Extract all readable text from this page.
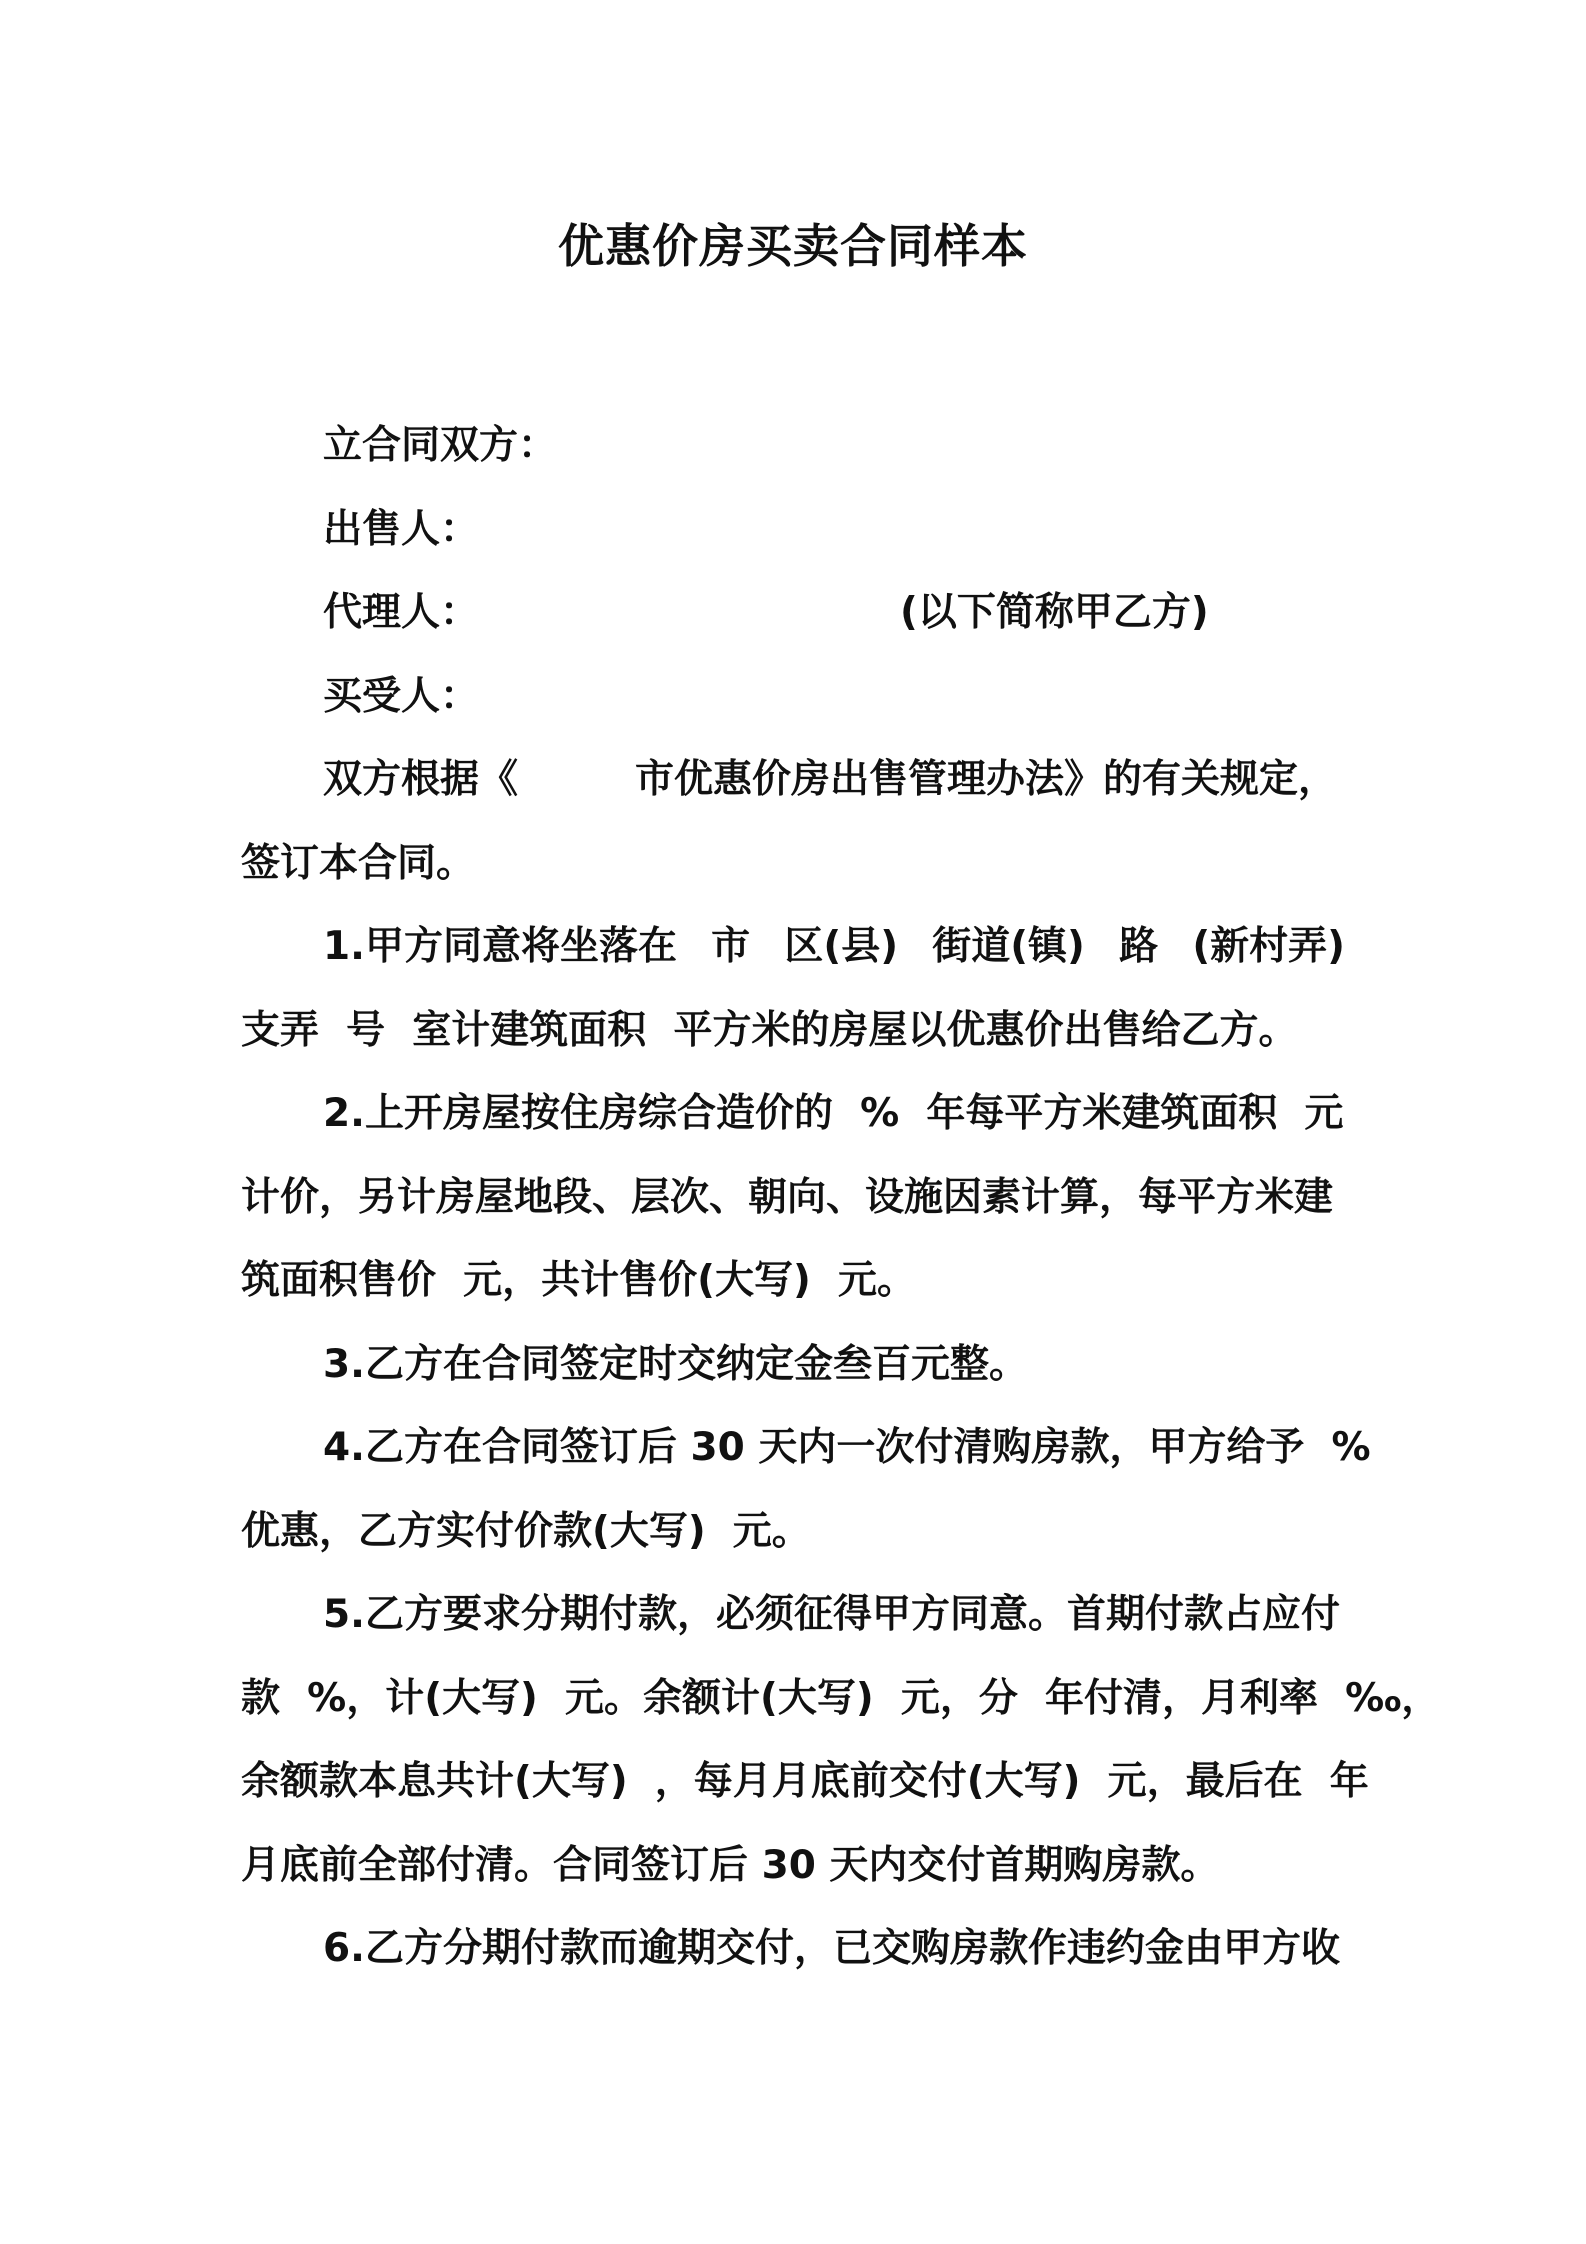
优惠价房买卖合同样本
立合同双方：
出售人：

代理人：

	(以下简称甲乙方)

买受人：
双方根据《　　　市优惠价房出售管理办法》的有关规定，
签订本合同。
1.甲方同意将坐落在 市 区(县) 街道(镇) 路 (新村弄)
支弄  号  室计建筑面积  平方米的房屋以优惠价出售给乙方。
2.上开房屋按住房综合造价的  %  年每平方米建筑面积  元
计价，另计房屋地段、层次、朝向、设施因素计算，每平方米建
筑面积售价  元，共计售价(大写)  元。
3.乙方在合同签定时交纳定金叁百元整。
4.乙方在合同签订后 30 天内一次付清购房款，甲方给予  %
优惠，乙方实付价款(大写)  元。
5.乙方要求分期付款，必须征得甲方同意。首期付款占应付
款  %，计(大写)  元。余额计(大写)  元，分  年付清，月利率  ‰，
余额款本息共计(大写)  ，每月月底前交付(大写)  元，最后在  年
月底前全部付清。合同签订后 30 天内交付首期购房款。
6.乙方分期付款而逾期交付，已交购房款作违约金由甲方收
